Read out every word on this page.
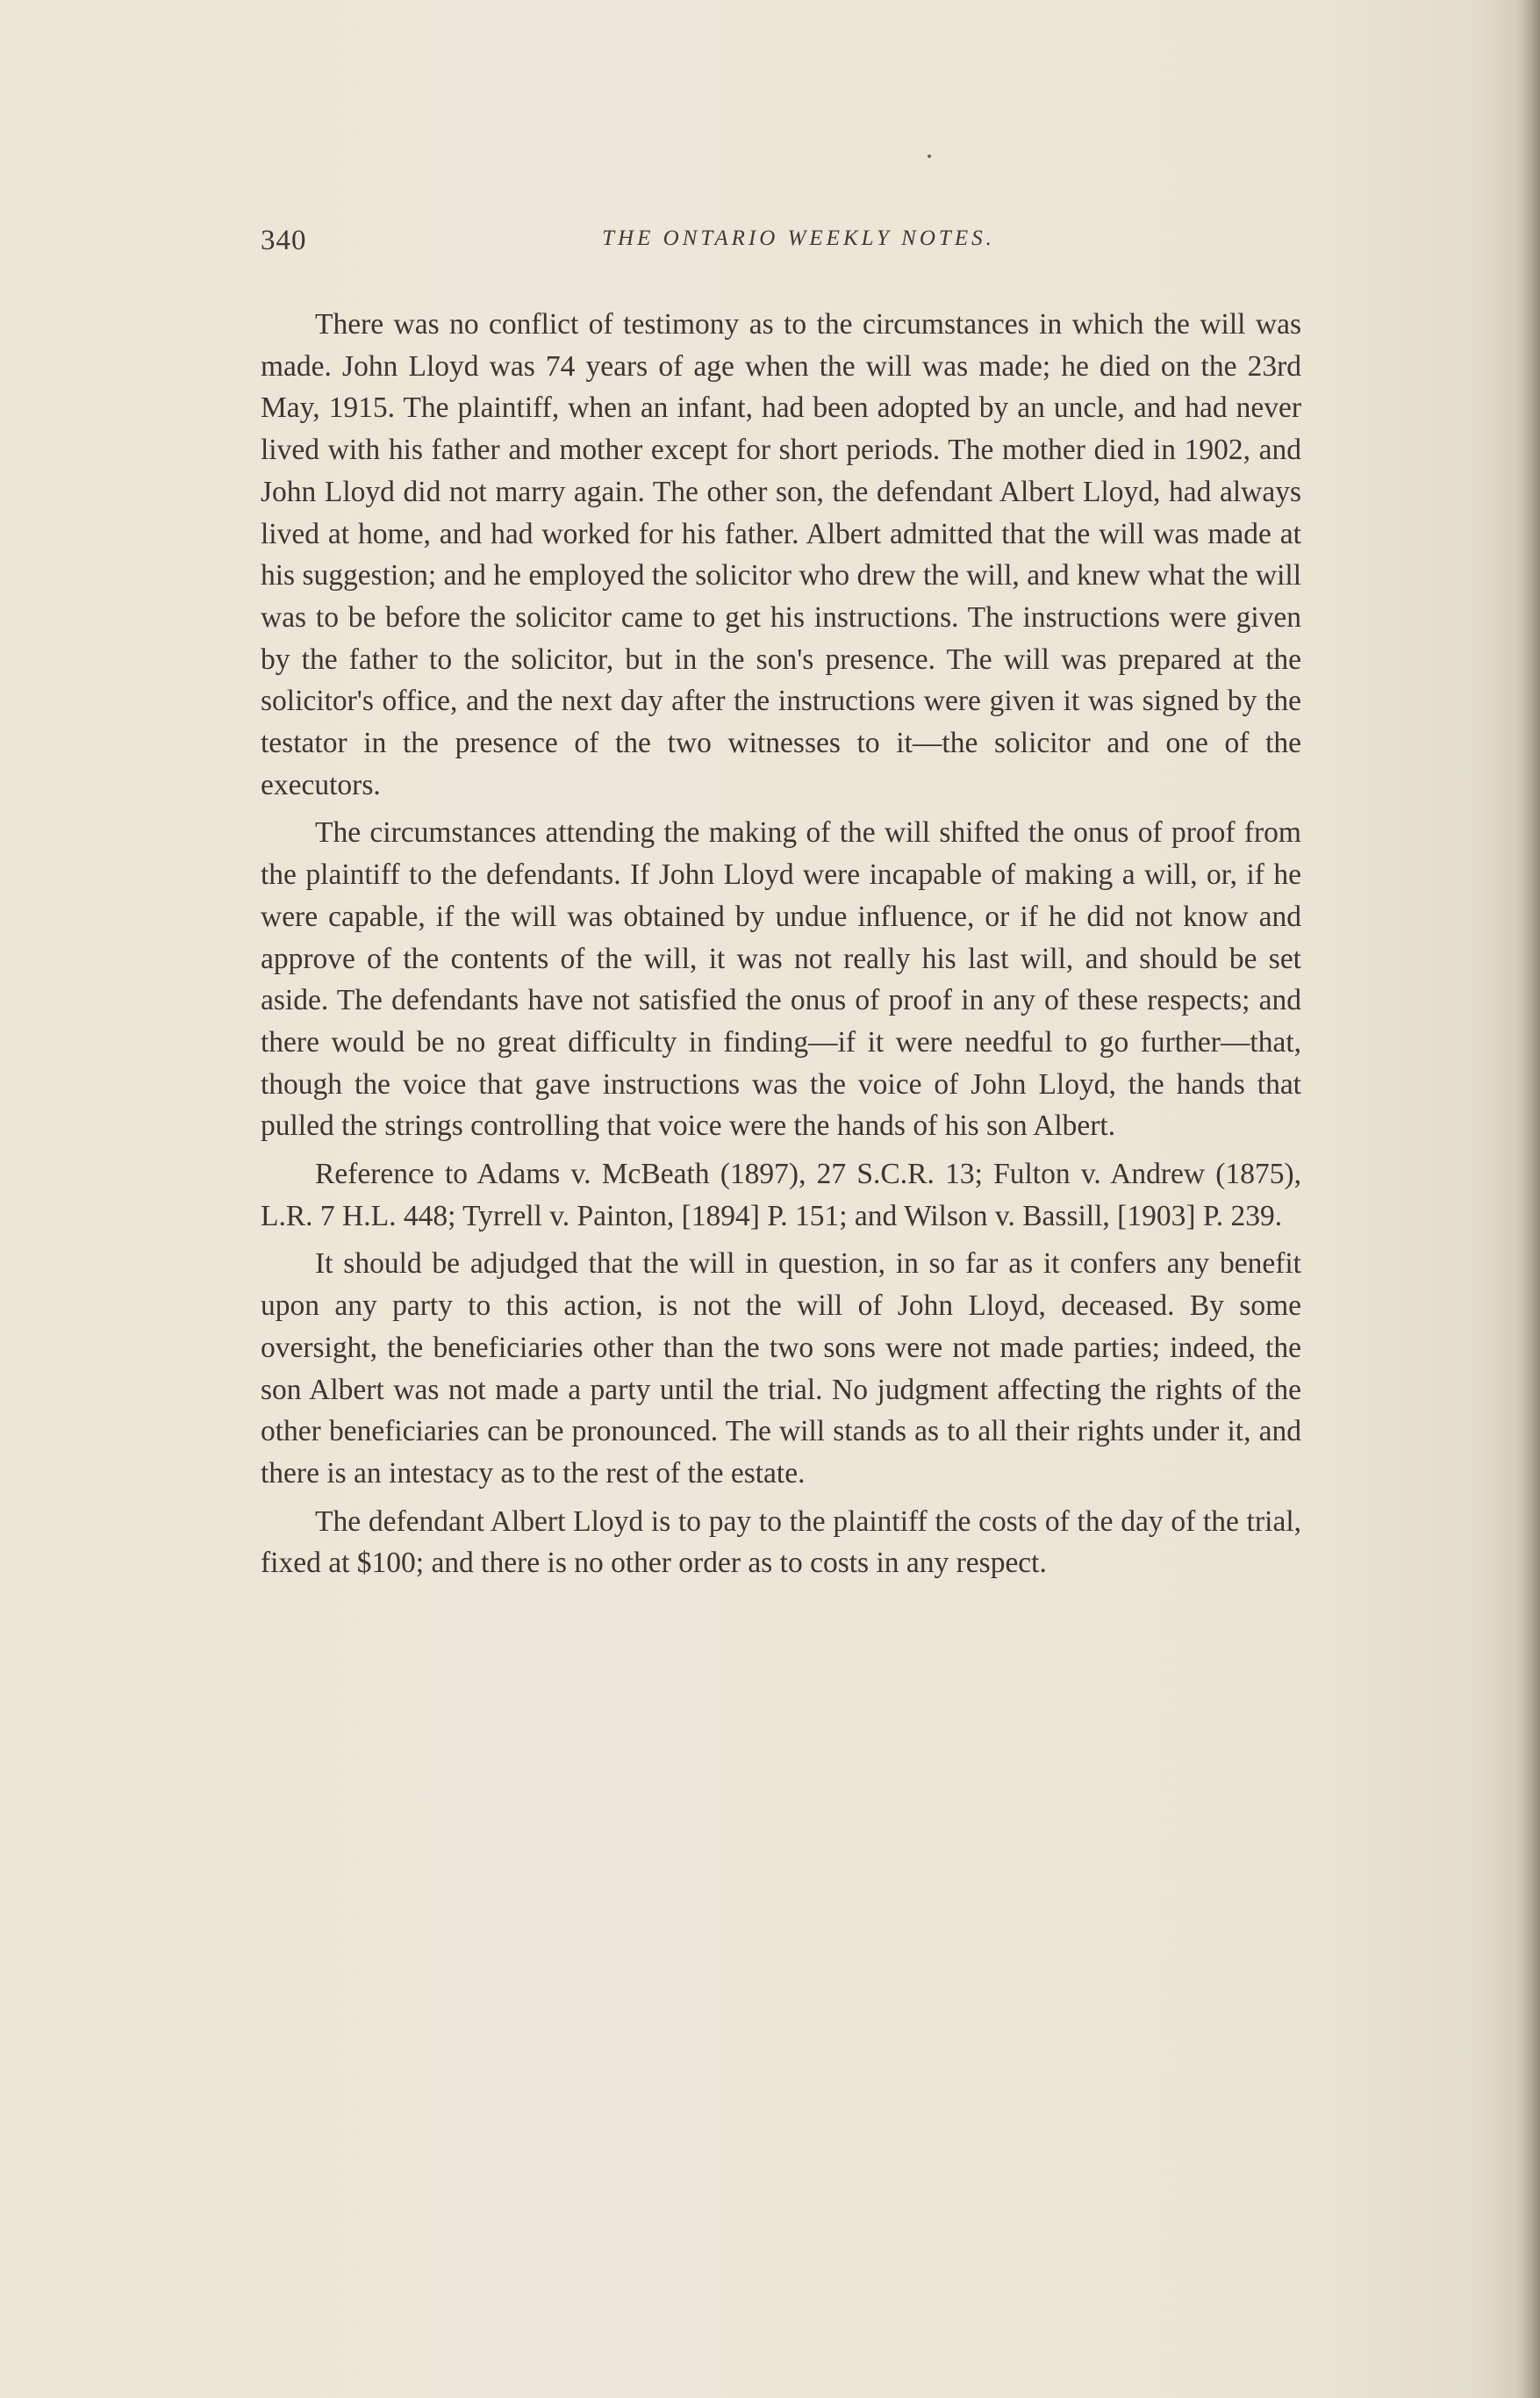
340	THE ONTARIO WEEKLY NOTES.

There was no conflict of testimony as to the circumstances in which the will was made. John Lloyd was 74 years of age when the will was made; he died on the 23rd May, 1915. The plaintiff, when an infant, had been adopted by an uncle, and had never lived with his father and mother except for short periods. The mother died in 1902, and John Lloyd did not marry again. The other son, the defendant Albert Lloyd, had always lived at home, and had worked for his father. Albert admitted that the will was made at his suggestion; and he employed the solicitor who drew the will, and knew what the will was to be before the solicitor came to get his instructions. The instructions were given by the father to the solicitor, but in the son's presence. The will was prepared at the solicitor's office, and the next day after the instructions were given it was signed by the testator in the presence of the two witnesses to it—the solicitor and one of the executors.

The circumstances attending the making of the will shifted the onus of proof from the plaintiff to the defendants. If John Lloyd were incapable of making a will, or, if he were capable, if the will was obtained by undue influence, or if he did not know and approve of the contents of the will, it was not really his last will, and should be set aside. The defendants have not satisfied the onus of proof in any of these respects; and there would be no great difficulty in finding—if it were needful to go further—that, though the voice that gave instructions was the voice of John Lloyd, the hands that pulled the strings controlling that voice were the hands of his son Albert.

Reference to Adams v. McBeath (1897), 27 S.C.R. 13; Fulton v. Andrew (1875), L.R. 7 H.L. 448; Tyrrell v. Painton, [1894] P. 151; and Wilson v. Bassill, [1903] P. 239.

It should be adjudged that the will in question, in so far as it confers any benefit upon any party to this action, is not the will of John Lloyd, deceased. By some oversight, the beneficiaries other than the two sons were not made parties; indeed, the son Albert was not made a party until the trial. No judgment affecting the rights of the other beneficiaries can be pronounced. The will stands as to all their rights under it, and there is an intestacy as to the rest of the estate.

The defendant Albert Lloyd is to pay to the plaintiff the costs of the day of the trial, fixed at $100; and there is no other order as to costs in any respect.
